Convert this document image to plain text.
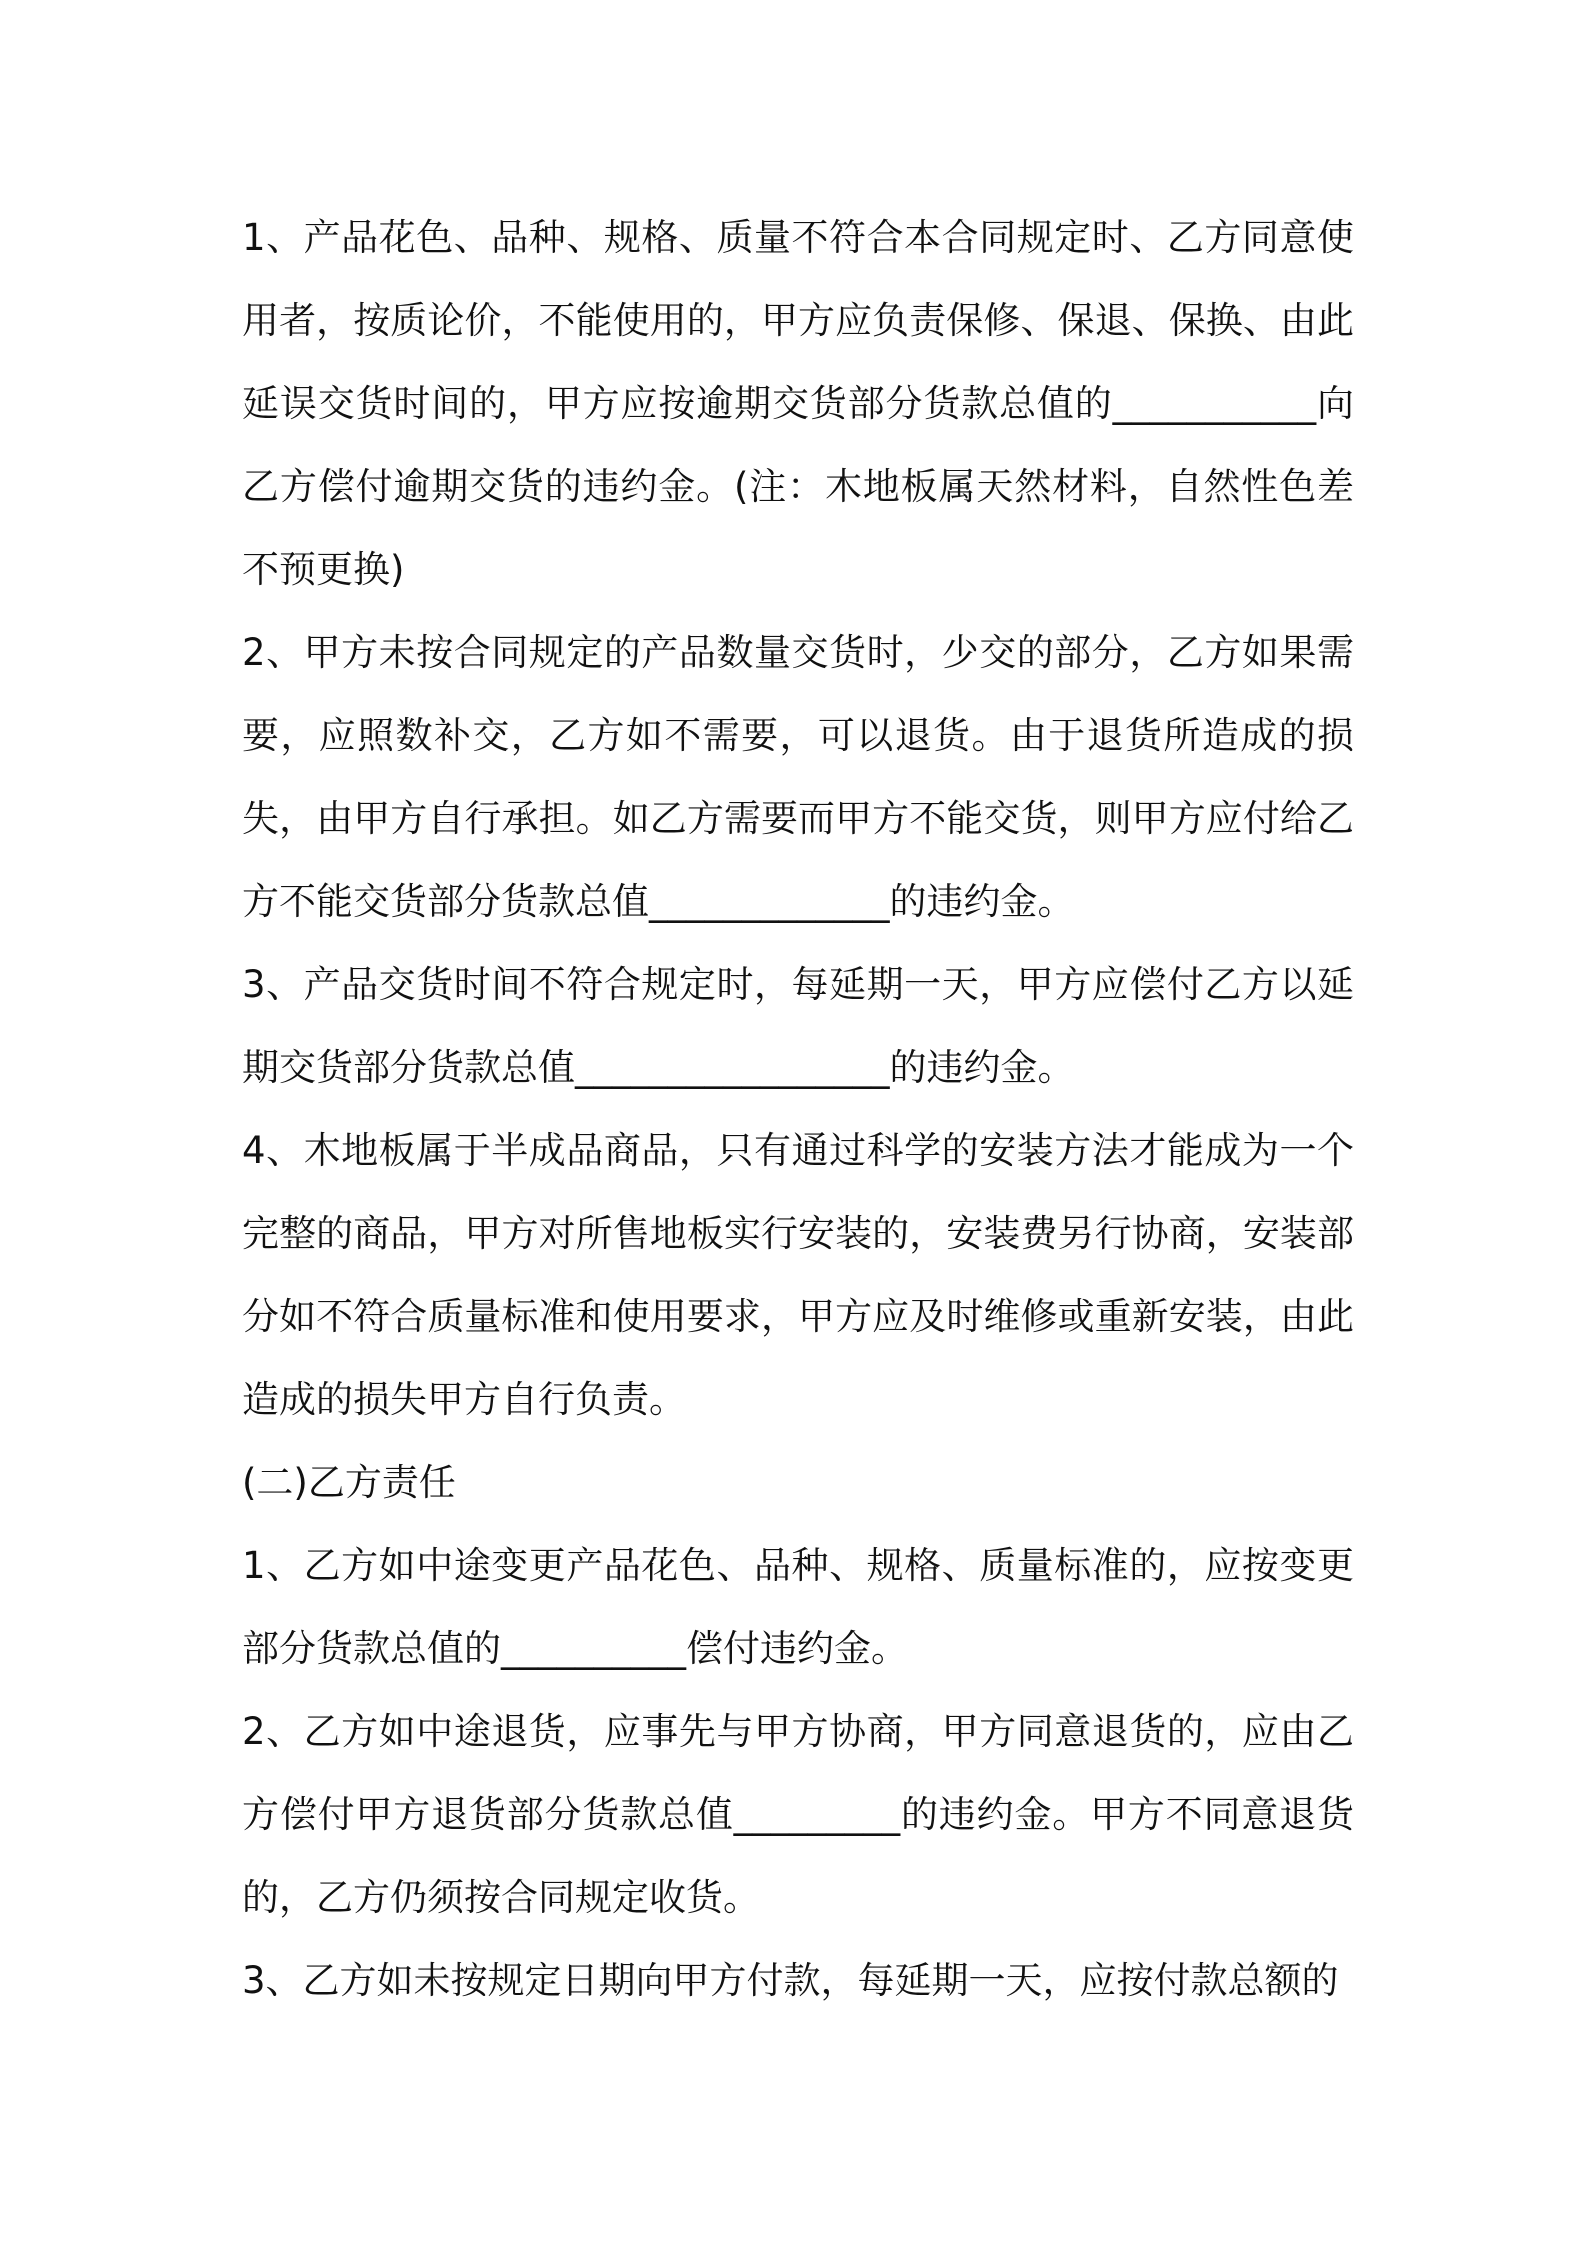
1、产品花色、品种、规格、质量不符合本合同规定时、乙方同意使用者，按质论价，不能使用的，甲方应负责保修、保退、保换、由此延误交货时间的，甲方应按逾期交货部分货款总值的___________向乙方偿付逾期交货的违约金。(注：木地板属天然材料，自然性色差不预更换)

2、甲方未按合同规定的产品数量交货时，少交的部分，乙方如果需要，应照数补交，乙方如不需要，可以退货。由于退货所造成的损失，由甲方自行承担。如乙方需要而甲方不能交货，则甲方应付给乙方不能交货部分货款总值_____________的违约金。

3、产品交货时间不符合规定时，每延期一天，甲方应偿付乙方以延期交货部分货款总值_________________的违约金。

4、木地板属于半成品商品，只有通过科学的安装方法才能成为一个完整的商品，甲方对所售地板实行安装的，安装费另行协商，安装部分如不符合质量标准和使用要求，甲方应及时维修或重新安装，由此造成的损失甲方自行负责。

(二)乙方责任

1、乙方如中途变更产品花色、品种、规格、质量标准的，应按变更部分货款总值的__________偿付违约金。

2、乙方如中途退货，应事先与甲方协商，甲方同意退货的，应由乙方偿付甲方退货部分货款总值_________的违约金。甲方不同意退货的，乙方仍须按合同规定收货。

3、乙方如未按规定日期向甲方付款，每延期一天，应按付款总额的
